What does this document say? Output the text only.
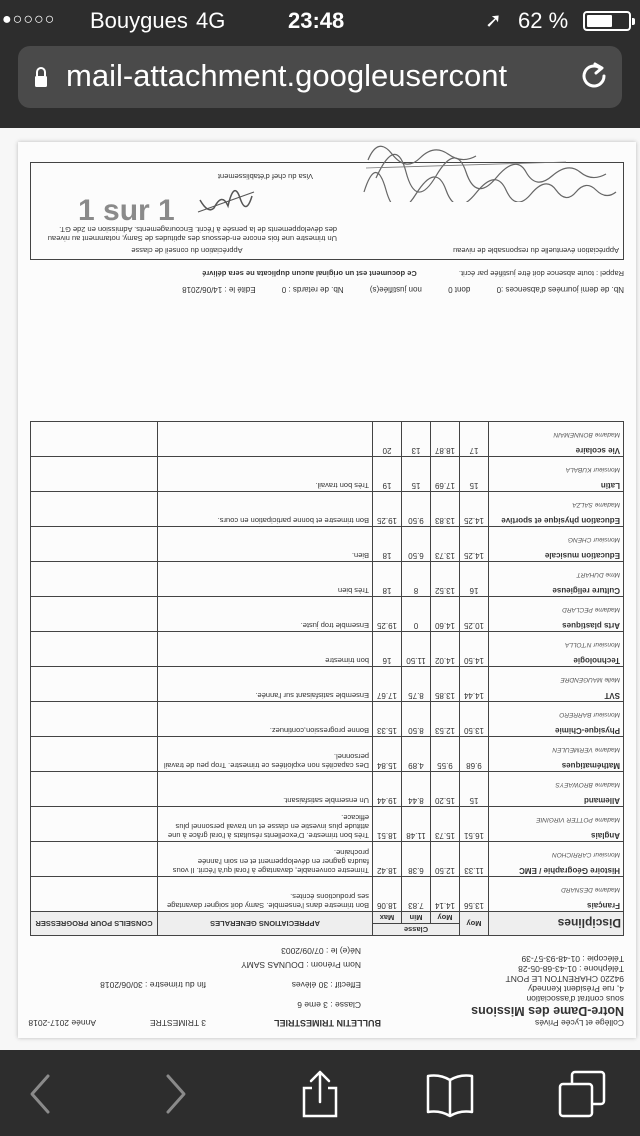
●○○○○ Bouygues 4G	23:48	➚ 62 %
mail-attachment.googleusercont
Collège et Lycée Privés
Notre-Dame des Missions
sous contrat d'association
4, rue Président Kennedy
94220 CHARENTON LE PONT
Téléphone : 01-43-68-05-28
Télécopie : 01-48-93-57-39
BULLETIN TRIMESTRIEL
3 TRIMESTRE
Année 2017-2018
Classe : 3 eme 6
Effectif : 30 élèves
fin du trimestre : 30/06/2018
Nom Prénom : DOUNAS SAMY
Né(e) le : 07/09/2003
Disciplines	Moy	Classe			APPRECIATIONS GENERALES	CONSEILS POUR PROGRESSER
		Moy	Min	Max		

Français
Madame DESNARD	13.56	14.14	7.83	18.06	Bon trimestre dans l'ensemble. Samy doit soigner davantage ses productions écrites.	

Histoire Géographie / EMC
Monsieur CARRICHON	11.33	12.50	6.38	18.42	Trimestre convenable, davantage à l'oral qu'à l'écrit. Il vous faudra gagner en développement et en soin l'année prochaine.	

Anglais
Madame POTTER VIRGINIE	16.51	15.73	11.48	18.51	Très bon trimestre. D'excellents résultats à l'oral grâce à une attitude plus investie en classe et un travail personnel plus efficace.	

Allemand
Madame BROWAEYS	15	15.20	8.44	19.44	Un ensemble satisfaisant.	

Mathématiques
Madame VERMEULEN	9.68	9.55	4.89	15.84	Des capacités non exploitées ce trimestre. Trop peu de travail personnel.	

Physique-Chimie
Monsieur BARRERO	13.50	12.53	8.50	15.33	Bonne progression,continuez.	

SVT
Melle MAUGENDRE	14.44	13.85	8.75	17.67	Ensemble satisfaisant sur l'année.	

Technologie
Monsieur N'TOLLA	14.50	14.02	11.50	16	bon trimestre	

Arts plastiques
Madame PECLARD	10.25	14.60	0	19.25	Ensemble trop juste.	

Culture religieuse
Mme DUHART	16	13.52	8	18	Très bien	

Education musicale
Monsieur CHENG	14.25	13.73	6.50	18	Bien.	

Education physique et sportive
Madame SALZA	14.25	13.83	9.50	19.25	Bon trimestre et bonne participation en cours.	

Latin
Monsieur KUBALA	15	17.69	15	19	Très bon travail.	

Vie scolaire
Madame BONNEMAIN	17	18.87	13	20		
Nb. de demi journées d'absences :0 dont 0 non justifiée(s) Nb. de retards : 0 Edité le : 14/06/2018
Rappel : toute absence doit être justifiée par écrit. Ce document est un original aucun duplicata ne sera délivré
Appréciation éventuelle du responsable de niveau
Appréciation du conseil de classe
Un trimestre une fois encore en-dessous des aptitudes de Samy, notamment au niveau des développements de la pensée à l'écrit. Encouragements. Admission en 2de GT.
Visa du chef d'établissement
1 sur 1
